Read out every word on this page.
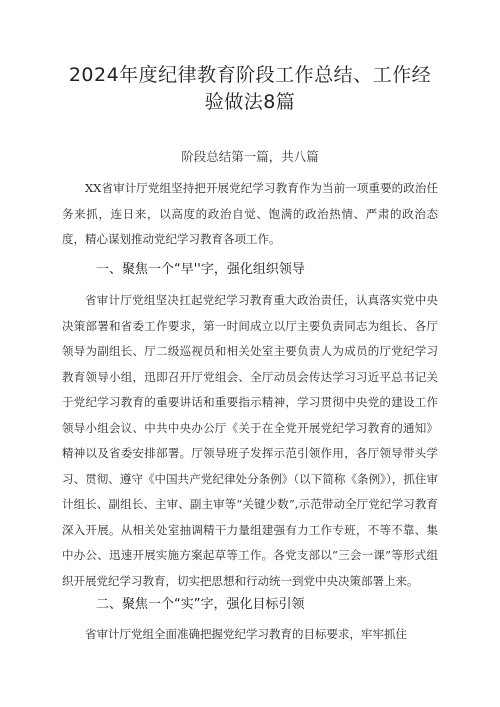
2024年度纪律教育阶段工作总结、工作经验做法8篇
阶段总结第一篇，共八篇

XX省审计厅党组坚持把开展党纪学习教育作为当前一项重要的政治任务来抓，连日来，以高度的政治自觉、饱满的政治热情、严肃的政治态度，精心谋划推动党纪学习教育各项工作。

一、聚焦一个“早''字，强化组织领导

省审计厅党组坚决扛起党纪学习教育重大政治责任，认真落实党中央决策部署和省委工作要求，第一时间成立以厅主要负责同志为组长、各厅领导为副组长、厅二级巡视员和相关处室主要负责人为成员的厅党纪学习教育领导小组，迅即召开厅党组会、全厅动员会传达学习习近平总书记关于党纪学习教育的重要讲话和重要指示精神，学习贯彻中央党的建设工作领导小组会议、中共中央办公厅《关于在全党开展党纪学习教育的通知》精神以及省委安排部署。厅领导班子发挥示范引领作用，各厅领导带头学习、贯彻、遵守《中国共产党纪律处分条例》（以下简称《条例》），抓住审计组长、副组长、主审、副主审等“关键少数”,示范带动全厅党纪学习教育深入开展。从相关处室抽调精干力量组建强有力工作专班，不等不靠、集中办公、迅速开展实施方案起草等工作。各党支部以“三会一课”等形式组织开展党纪学习教育，切实把思想和行动统一到党中央决策部署上来。

二、聚焦一个“实”字，强化目标引领

省审计厅党组全面准确把握党纪学习教育的目标要求，牢牢抓住
